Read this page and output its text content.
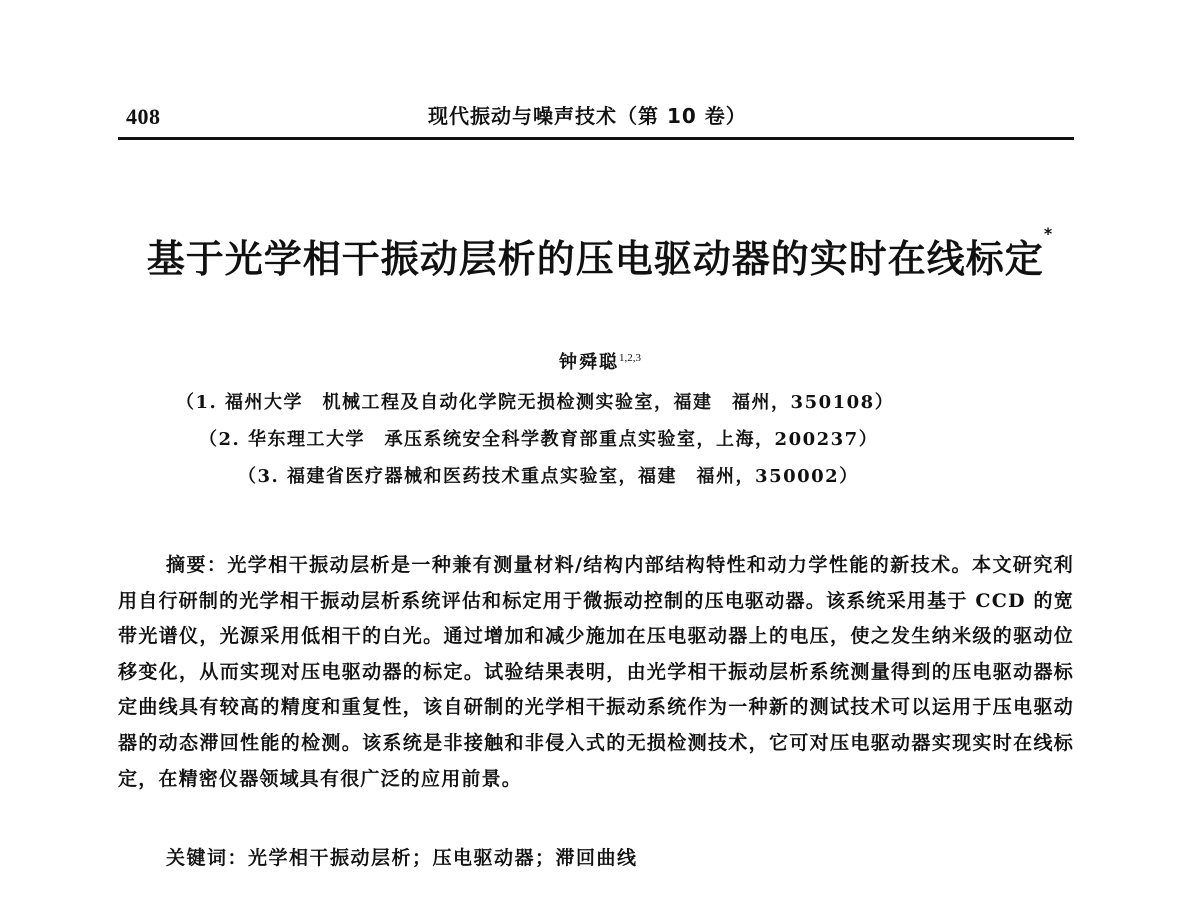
408	现代振动与噪声技术（第 10 卷）
基于光学相干振动层析的压电驱动器的实时在线标定*
钟舜聪$^{1,2,3}$
（1. 福州大学　机械工程及自动化学院无损检测实验室，福建　福州，350108）
（2. 华东理工大学　承压系统安全科学教育部重点实验室，上海，200237）
（3. 福建省医疗器械和医药技术重点实验室，福建　福州，350002）

摘要：光学相干振动层析是一种兼有测量材料/结构内部结构特性和动力学性能的新技术。本文研究利用自行研制的光学相干振动层析系统评估和标定用于微振动控制的压电驱动器。该系统采用基于 CCD 的宽带光谱仪，光源采用低相干的白光。通过增加和减少施加在压电驱动器上的电压，使之发生纳米级的驱动位移变化，从而实现对压电驱动器的标定。试验结果表明，由光学相干振动层析系统测量得到的压电驱动器标定曲线具有较高的精度和重复性，该自研制的光学相干振动系统作为一种新的测试技术可以运用于压电驱动器的动态滞回性能的检测。该系统是非接触和非侵入式的无损检测技术，它可对压电驱动器实现实时在线标定，在精密仪器领域具有很广泛的应用前景。

关键词：光学相干振动层析；压电驱动器；滞回曲线
